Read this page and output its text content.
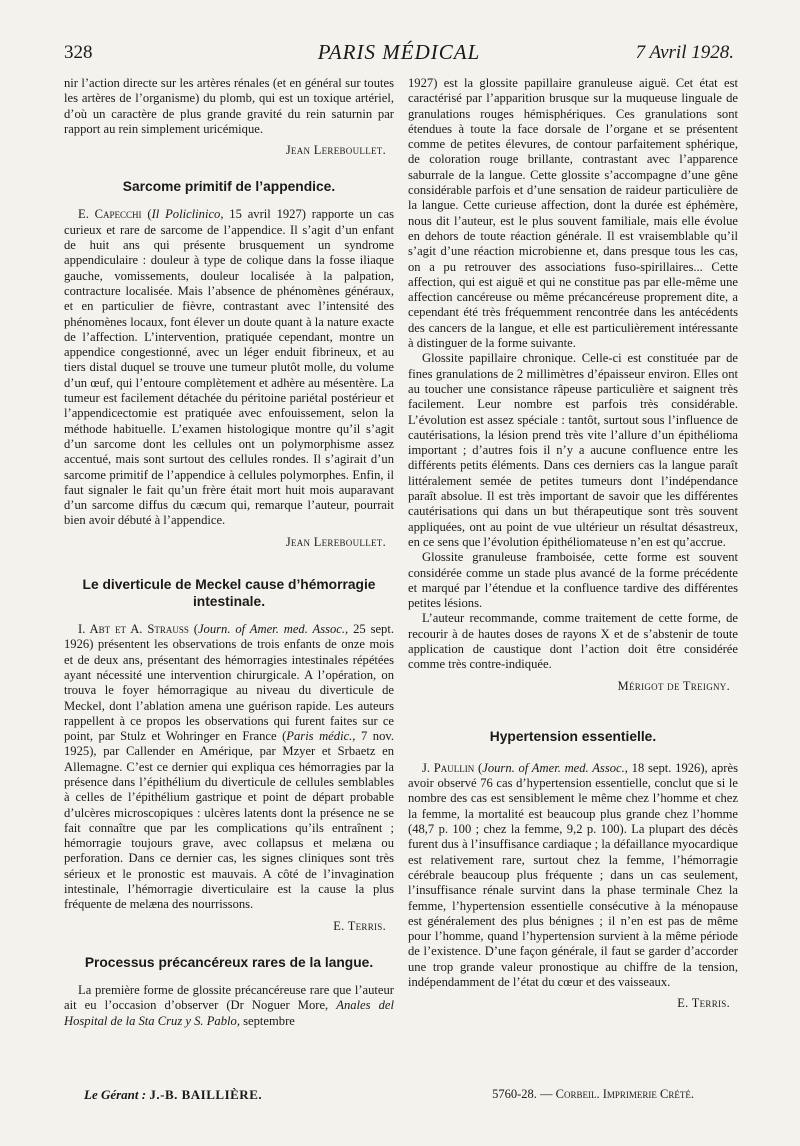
328	PARIS MÉDICAL	7 Avril 1928.

nir l’action directe sur les artères rénales (et en général sur toutes les artères de l’organisme) du plomb, qui est un toxique artériel, d’où un caractère de plus grande gravité du rein saturnin par rapport au rein simplement uricémique.

Jean Lereboullet.
Sarcome primitif de l’appendice.

E. Capecchi (Il Policlinico, 15 avril 1927) rapporte un cas curieux et rare de sarcome de l’appendice. Il s’agit d’un enfant de huit ans qui présente brusquement un syndrome appendiculaire : douleur à type de colique dans la fosse iliaque gauche, vomissements, douleur localisée à la palpation, contracture localisée. Mais l’absence de phénomènes généraux, et en particulier de fièvre, contrastant avec l’intensité des phénomènes locaux, font élever un doute quant à la nature exacte de l’affection. L’intervention, pratiquée cependant, montre un appendice congestionné, avec un léger enduit fibrineux, et au tiers distal duquel se trouve une tumeur plutôt molle, du volume d’un œuf, qui l’entoure complètement et adhère au mésentère. La tumeur est facilement détachée du péritoine pariétal postérieur et l’appendicectomie est pratiquée avec enfouissement, selon la méthode habituelle. L’examen histologique montre qu’il s’agit d’un sarcome dont les cellules ont un polymorphisme assez accentué, mais sont surtout des cellules rondes. Il s’agirait d’un sarcome primitif de l’appendice à cellules polymorphes. Enfin, il faut signaler le fait qu’un frère était mort huit mois auparavant d’un sarcome diffus du cæcum qui, remarque l’auteur, pourrait bien avoir débuté à l’appendice.

Jean Lereboullet.
Le diverticule de Meckel cause d’hémorragie intestinale.

I. Abt et A. Strauss (Journ. of Amer. med. Assoc., 25 sept. 1926) présentent les observations de trois enfants de onze mois et de deux ans, présentant des hémorragies intestinales répétées ayant nécessité une intervention chirurgicale. A l’opération, on trouva le foyer hémorragique au niveau du diverticule de Meckel, dont l’ablation amena une guérison rapide. Les auteurs rappellent à ce propos les observations qui furent faites sur ce point, par Stulz et Wohringer en France (Paris médic., 7 nov. 1925), par Callender en Amérique, par Mzyer et Srbaetz en Allemagne. C’est ce dernier qui expliqua ces hémorragies par la présence dans l’épithélium du diverticule de cellules semblables à celles de l’épithélium gastrique et point de départ probable d’ulcères microscopiques : ulcères latents dont la présence ne se fait connaître que par les complications qu’ils entraînent ; hémorragie toujours grave, avec collapsus et melæna ou perforation. Dans ce dernier cas, les signes cliniques sont très sérieux et le pronostic est mauvais. A côté de l’invagination intestinale, l’hémorragie diverticulaire est la cause la plus fréquente de melæna des nourrissons.

E. Terris.
Processus précancéreux rares de la langue.

La première forme de glossite précancéreuse rare que l’auteur ait eu l’occasion d’observer (Dr Noguer More, Anales del Hospital de la Sta Cruz y S. Pablo, septembre

1927) est la glossite papillaire granuleuse aiguë. Cet état est caractérisé par l’apparition brusque sur la muqueuse linguale de granulations rouges hémisphériques. Ces granulations sont étendues à toute la face dorsale de l’organe et se présentent comme de petites élevures, de contour parfaitement sphérique, de coloration rouge brillante, contrastant avec l’apparence saburrale de la langue. Cette glossite s’accompagne d’une gêne considérable parfois et d’une sensation de raideur particulière de la langue. Cette curieuse affection, dont la durée est éphémère, nous dit l’auteur, est le plus souvent familiale, mais elle évolue en dehors de toute réaction générale. Il est vraisemblable qu’il s’agit d’une réaction microbienne et, dans presque tous les cas, on a pu retrouver des associations fuso-spirillaires... Cette affection, qui est aiguë et qui ne constitue pas par elle-même une affection cancéreuse ou même précancéreuse proprement dite, a cependant été très fréquemment rencontrée dans les antécédents des cancers de la langue, et elle est particulièrement intéressante à distinguer de la forme suivante.

Glossite papillaire chronique. Celle-ci est constituée par de fines granulations de 2 millimètres d’épaisseur environ. Elles ont au toucher une consistance râpeuse particulière et saignent très facilement. Leur nombre est parfois très considérable. L’évolution est assez spéciale : tantôt, surtout sous l’influence de cautérisations, la lésion prend très vite l’allure d’un épithélioma important ; d’autres fois il n’y a aucune confluence entre les différents petits éléments. Dans ces derniers cas la langue paraît littéralement semée de petites tumeurs dont l’indépendance paraît absolue. Il est très important de savoir que les différentes cautérisations qui dans un but thérapeutique sont très souvent appliquées, ont au point de vue ultérieur un résultat désastreux, en ce sens que l’évolution épithéliomateuse n’en est qu’accrue.

Glossite granuleuse framboisée, cette forme est souvent considérée comme un stade plus avancé de la forme précédente et marqué par l’étendue et la confluence tardive des différentes petites lésions.

L’auteur recommande, comme traitement de cette forme, de recourir à de hautes doses de rayons X et de s’abstenir de toute application de caustique dont l’action doit être considérée comme très contre-indiquée.

Mérigot de Treigny.
Hypertension essentielle.

J. Paullin (Journ. of Amer. med. Assoc., 18 sept. 1926), après avoir observé 76 cas d’hypertension essentielle, conclut que si le nombre des cas est sensiblement le même chez l’homme et chez la femme, la mortalité est beaucoup plus grande chez l’homme (48,7 p. 100 ; chez la femme, 9,2 p. 100). La plupart des décès furent dus à l’insuffisance cardiaque ; la défaillance myocardique est relativement rare, surtout chez la femme, l’hémorragie cérébrale beaucoup plus fréquente ; dans un cas seulement, l’insuffisance rénale survint dans la phase terminale Chez la femme, l’hypertension essentielle consécutive à la ménopause est généralement des plus bénignes ; il n’en est pas de même pour l’homme, quand l’hypertension survient à la même période de l’existence. D’une façon générale, il faut se garder d’accorder une trop grande valeur pronostique au chiffre de la tension, indépendamment de l’état du cœur et des vaisseaux.

E. Terris.
Le Gérant : J.-B. BAILLIÈRE.	5760-28. — Corbeil. Imprimerie Crété.
